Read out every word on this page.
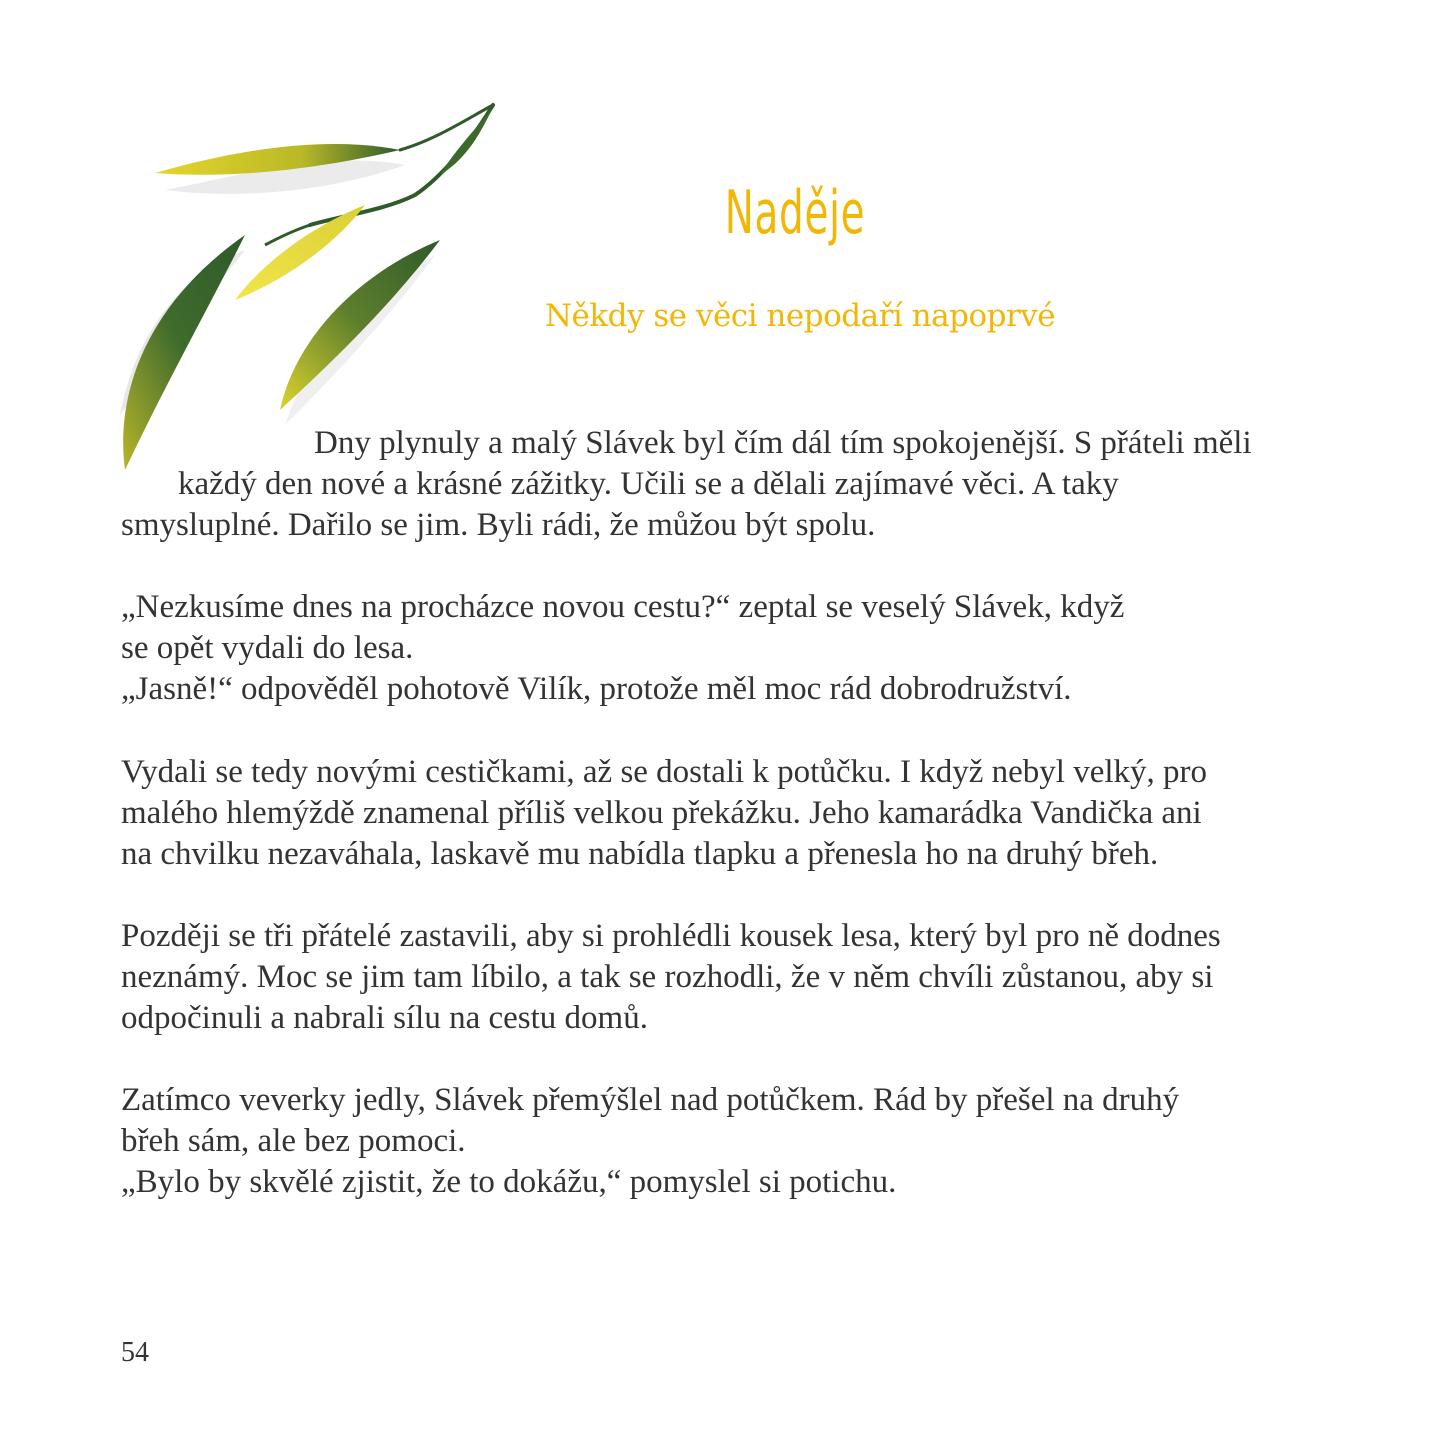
Naděje
Někdy se věci nepodaří napoprvé
Dny plynuly a malý Slávek byl čím dál tím spokojenější. S přáteli měli
každý den nové a krásné zážitky. Učili se a dělali zajímavé věci. A taky
smysluplné. Dařilo se jim. Byli rádi, že můžou být spolu.
„Nezkusíme dnes na procházce novou cestu?“ zeptal se veselý Slávek, když
se opět vydali do lesa.
„Jasně!“ odpověděl pohotově Vilík, protože měl moc rád dobrodružství.
Vydali se tedy novými cestičkami, až se dostali k potůčku. I když nebyl velký, pro
malého hlemýždě znamenal příliš velkou překážku. Jeho kamarádka Vandička ani
na chvilku nezaváhala, laskavě mu nabídla tlapku a přenesla ho na druhý břeh.
Později se tři přátelé zastavili, aby si prohlédli kousek lesa, který byl pro ně dodnes
neznámý. Moc se jim tam líbilo, a tak se rozhodli, že v něm chvíli zůstanou, aby si
odpočinuli a nabrali sílu na cestu domů.
Zatímco veverky jedly, Slávek přemýšlel nad potůčkem. Rád by přešel na druhý
břeh sám, ale bez pomoci.
„Bylo by skvělé zjistit, že to dokážu,“ pomyslel si potichu.
54
